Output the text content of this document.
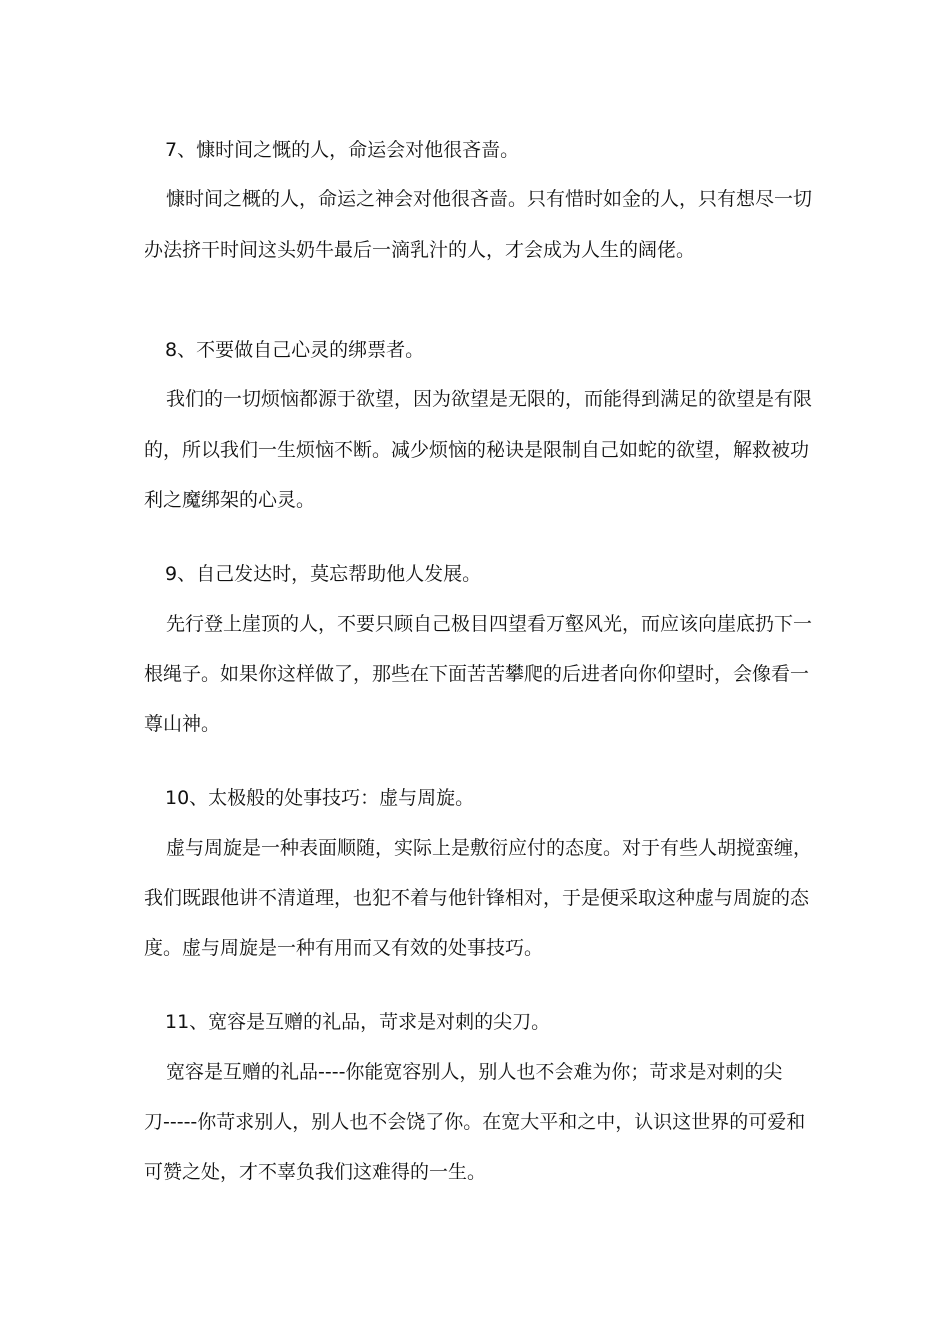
7、慷时间之慨的人，命运会对他很吝啬。
慷时间之概的人，命运之神会对他很吝啬。只有惜时如金的人，只有想尽一切
办法挤干时间这头奶牛最后一滴乳汁的人，才会成为人生的阔佬。
8、不要做自己心灵的绑票者。
我们的一切烦恼都源于欲望，因为欲望是无限的，而能得到满足的欲望是有限
的，所以我们一生烦恼不断。减少烦恼的秘诀是限制自己如蛇的欲望，解救被功
利之魔绑架的心灵。
9、自己发达时，莫忘帮助他人发展。
先行登上崖顶的人，不要只顾自己极目四望看万壑风光，而应该向崖底扔下一
根绳子。如果你这样做了，那些在下面苦苦攀爬的后进者向你仰望时，会像看一
尊山神。
10、太极般的处事技巧：虚与周旋。
虚与周旋是一种表面顺随，实际上是敷衍应付的态度。对于有些人胡搅蛮缠，
我们既跟他讲不清道理，也犯不着与他针锋相对，于是便采取这种虚与周旋的态
度。虚与周旋是一种有用而又有效的处事技巧。
11、宽容是互赠的礼品，苛求是对刺的尖刀。
宽容是互赠的礼品----你能宽容别人，别人也不会难为你；苛求是对刺的尖
刀-----你苛求别人，别人也不会饶了你。在宽大平和之中，认识这世界的可爱和
可赞之处，才不辜负我们这难得的一生。
